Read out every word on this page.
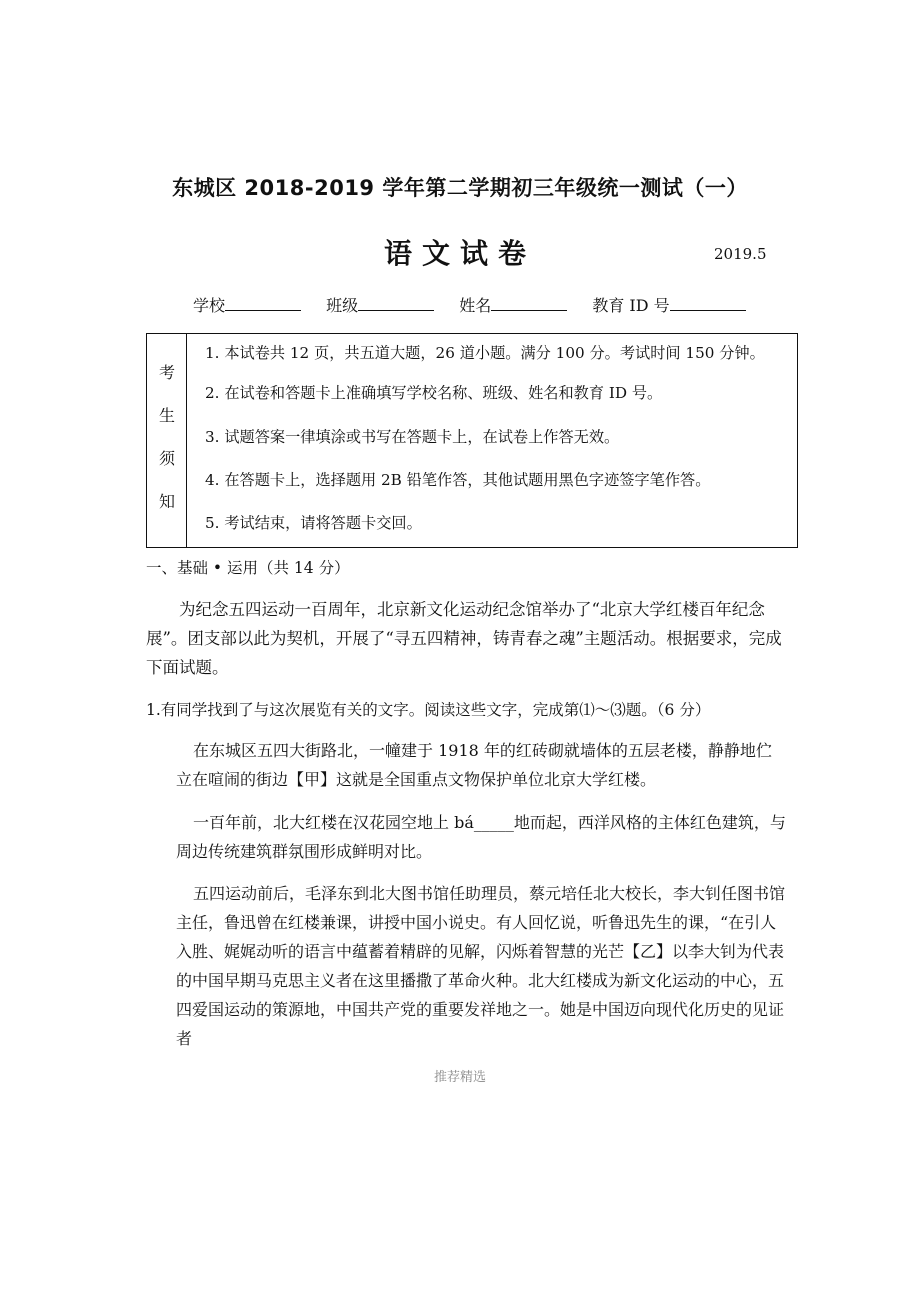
东城区 2018-2019 学年第二学期初三年级统一测试（一）
语文试卷	2019.5
学校	班级	姓名	教育 ID 号
考
生
须
知
1. 本试卷共 12 页，共五道大题，26 道小题。满分 100 分。考试时间 150 分钟。
2. 在试卷和答题卡上准确填写学校名称、班级、姓名和教育 ID 号。
3. 试题答案一律填涂或书写在答题卡上，在试卷上作答无效。
4. 在答题卡上，选择题用 2B 铅笔作答，其他试题用黑色字迹签字笔作答。
5. 考试结束，请将答题卡交回。
一、基础 • 运用（共 14 分）
为纪念五四运动一百周年，北京新文化运动纪念馆举办了“北京大学红楼百年纪念展”。团支部以此为契机，开展了“寻五四精神，铸青春之魂”主题活动。根据要求，完成下面试题。
1.有同学找到了与这次展览有关的文字。阅读这些文字，完成第⑴～⑶题。（6 分）
在东城区五四大街路北，一幢建于 1918 年的红砖砌就墙体的五层老楼，静静地伫立在喧闹的街边【甲】这就是全国重点文物保护单位北京大学红楼。
一百年前，北大红楼在汉花园空地上 bá_____地而起，西洋风格的主体红色建筑，与周边传统建筑群氛围形成鲜明对比。
五四运动前后，毛泽东到北大图书馆任助理员，蔡元培任北大校长，李大钊任图书馆主任，鲁迅曾在红楼兼课，讲授中国小说史。有人回忆说，听鲁迅先生的课，“在引人入胜、娓娓动听的语言中蕴蓄着精辟的见解，闪烁着智慧的光芒【乙】以李大钊为代表的中国早期马克思主义者在这里播撒了革命火种。北大红楼成为新文化运动的中心，五四爱国运动的策源地，中国共产党的重要发祥地之一。她是中国迈向现代化历史的见证者
推荐精选
